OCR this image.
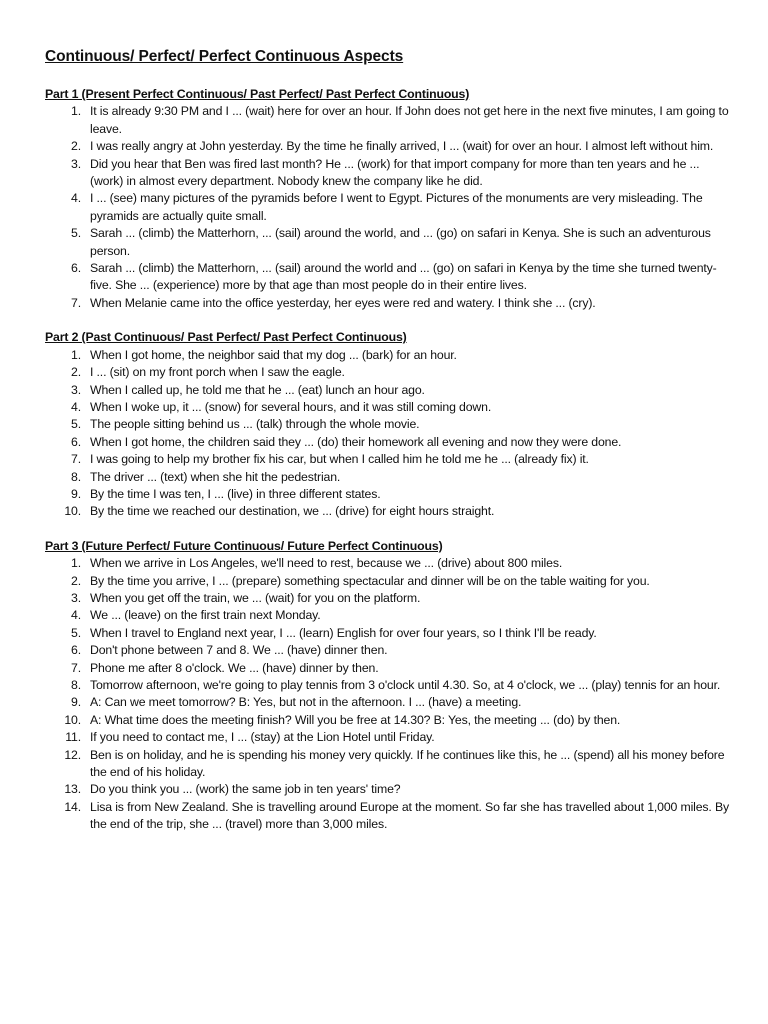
Continuous/ Perfect/ Perfect Continuous Aspects
Part 1 (Present Perfect Continuous/ Past Perfect/ Past Perfect Continuous)
1. It is already 9:30 PM and I ... (wait) here for over an hour. If John does not get here in the next five minutes, I am going to leave.
2. I was really angry at John yesterday. By the time he finally arrived, I ... (wait) for over an hour. I almost left without him.
3. Did you hear that Ben was fired last month? He ... (work) for that import company for more than ten years and he ... (work) in almost every department. Nobody knew the company like he did.
4. I ... (see) many pictures of the pyramids before I went to Egypt. Pictures of the monuments are very misleading. The pyramids are actually quite small.
5. Sarah ... (climb) the Matterhorn, ... (sail) around the world, and ... (go) on safari in Kenya. She is such an adventurous person.
6. Sarah ... (climb) the Matterhorn, ... (sail) around the world and ... (go) on safari in Kenya by the time she turned twenty-five. She ... (experience) more by that age than most people do in their entire lives.
7. When Melanie came into the office yesterday, her eyes were red and watery. I think she ... (cry).
Part 2 (Past Continuous/ Past Perfect/ Past Perfect Continuous)
1. When I got home, the neighbor said that my dog ... (bark) for an hour.
2. I ... (sit) on my front porch when I saw the eagle.
3. When I called up, he told me that he ... (eat) lunch an hour ago.
4. When I woke up, it ... (snow) for several hours, and it was still coming down.
5. The people sitting behind us ... (talk) through the whole movie.
6. When I got home, the children said they ... (do) their homework all evening and now they were done.
7. I was going to help my brother fix his car, but when I called him he told me he ... (already fix) it.
8. The driver ... (text) when she hit the pedestrian.
9. By the time I was ten, I ... (live) in three different states.
10. By the time we reached our destination, we ... (drive) for eight hours straight.
Part 3 (Future Perfect/ Future Continuous/ Future Perfect Continuous)
1. When we arrive in Los Angeles, we'll need to rest, because we ... (drive) about 800 miles.
2. By the time you arrive, I ... (prepare) something spectacular and dinner will be on the table waiting for you.
3. When you get off the train, we ... (wait) for you on the platform.
4. We ... (leave) on the first train next Monday.
5. When I travel to England next year, I ... (learn) English for over four years, so I think I'll be ready.
6. Don't phone between 7 and 8. We ... (have) dinner then.
7. Phone me after 8 o'clock. We ... (have) dinner by then.
8. Tomorrow afternoon, we're going to play tennis from 3 o'clock until 4.30. So, at 4 o'clock, we ... (play) tennis for an hour.
9. A: Can we meet tomorrow? B: Yes, but not in the afternoon. I ... (have) a meeting.
10. A: What time does the meeting finish? Will you be free at 14.30? B: Yes, the meeting ... (do) by then.
11. If you need to contact me, I ... (stay) at the Lion Hotel until Friday.
12. Ben is on holiday, and he is spending his money very quickly. If he continues like this, he ... (spend) all his money before the end of his holiday.
13. Do you think you ... (work) the same job in ten years' time?
14. Lisa is from New Zealand. She is travelling around Europe at the moment. So far she has travelled about 1,000 miles. By the end of the trip, she ... (travel) more than 3,000 miles.
